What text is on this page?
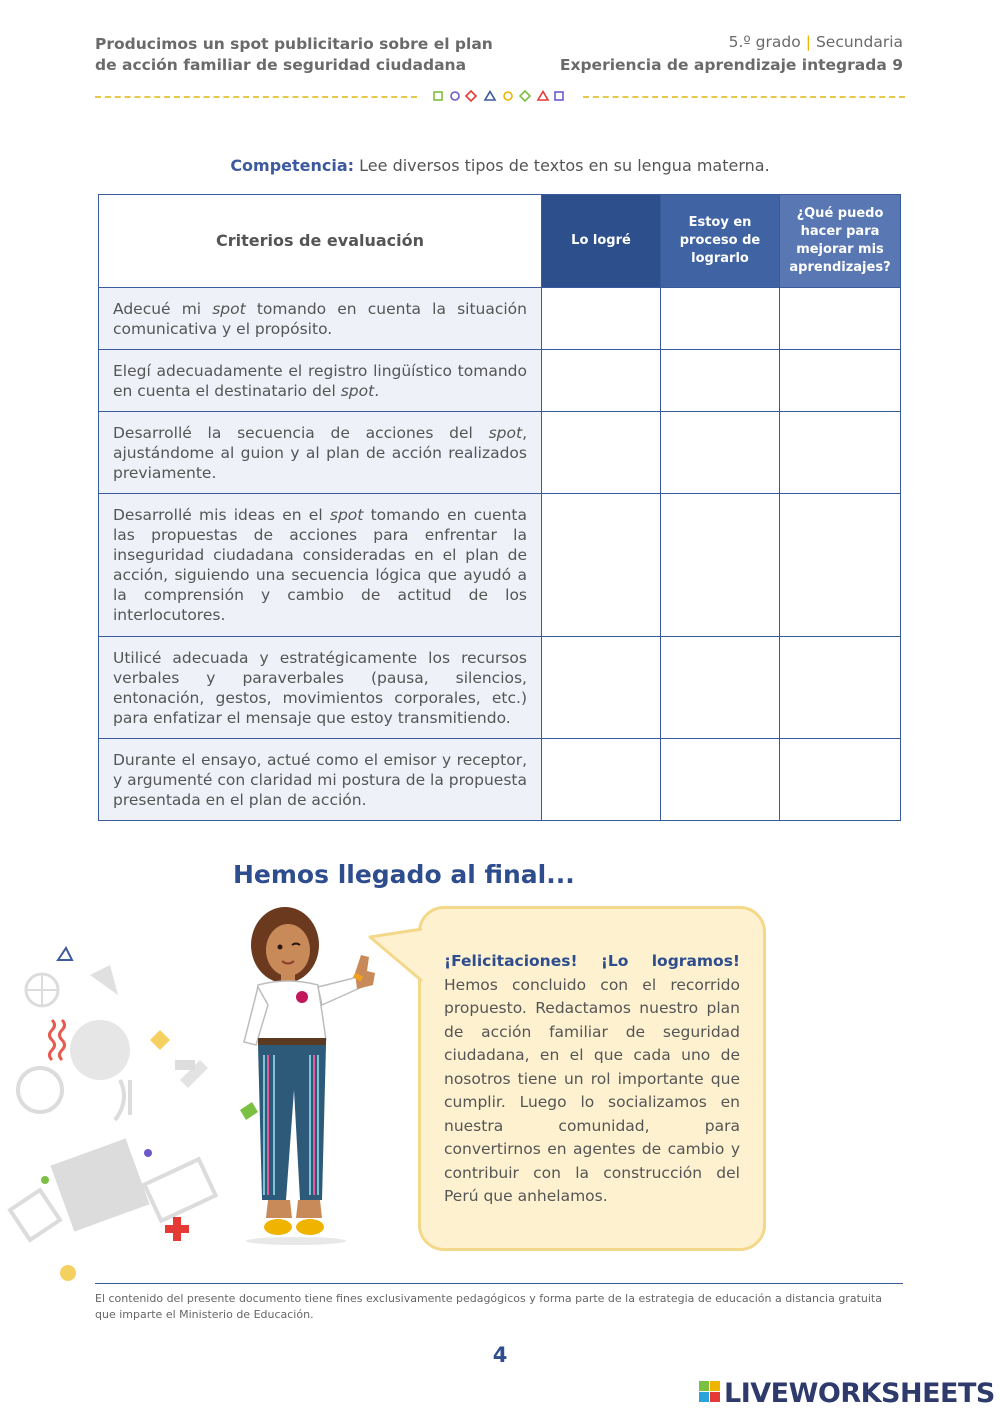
Producimos un spot publicitario sobre el plan de acción familiar de seguridad ciudadana
5.º grado | Secundaria
Experiencia de aprendizaje integrada 9
Competencia: Lee diversos tipos de textos en su lengua materna.
Criterios de evaluación	Lo logré	Estoy en proceso de lograrlo	¿Qué puedo hacer para mejorar mis aprendizajes?
Adecué mi spot tomando en cuenta la situación comunicativa y el propósito.			
Elegí adecuadamente el registro lingüístico tomando en cuenta el destinatario del spot.			
Desarrollé la secuencia de acciones del spot, ajustándome al guion y al plan de acción realizados previamente.			
Desarrollé mis ideas en el spot tomando en cuenta las propuestas de acciones para enfrentar la inseguridad ciudadana consideradas en el plan de acción, siguiendo una secuencia lógica que ayudó a la comprensión y cambio de actitud de los interlocutores.			
Utilicé adecuada y estratégicamente los recursos verbales y paraverbales (pausa, silencios, entonación, gestos, movimientos corporales, etc.) para enfatizar el mensaje que estoy transmitiendo.			
Durante el ensayo, actué como el emisor y receptor, y argumenté con claridad mi postura de la propuesta presentada en el plan de acción.			
Hemos llegado al final...
¡Felicitaciones! ¡Lo logramos! Hemos concluido con el recorrido propuesto. Redactamos nuestro plan de acción familiar de seguridad ciudadana, en el que cada uno de nosotros tiene un rol importante que cumplir. Luego lo socializamos en nuestra comunidad, para convertirnos en agentes de cambio y contribuir con la construcción del Perú que anhelamos.
El contenido del presente documento tiene fines exclusivamente pedagógicos y forma parte de la estrategia de educación a distancia gratuita que imparte el Ministerio de Educación.
4
LIVEWORKSHEETS
